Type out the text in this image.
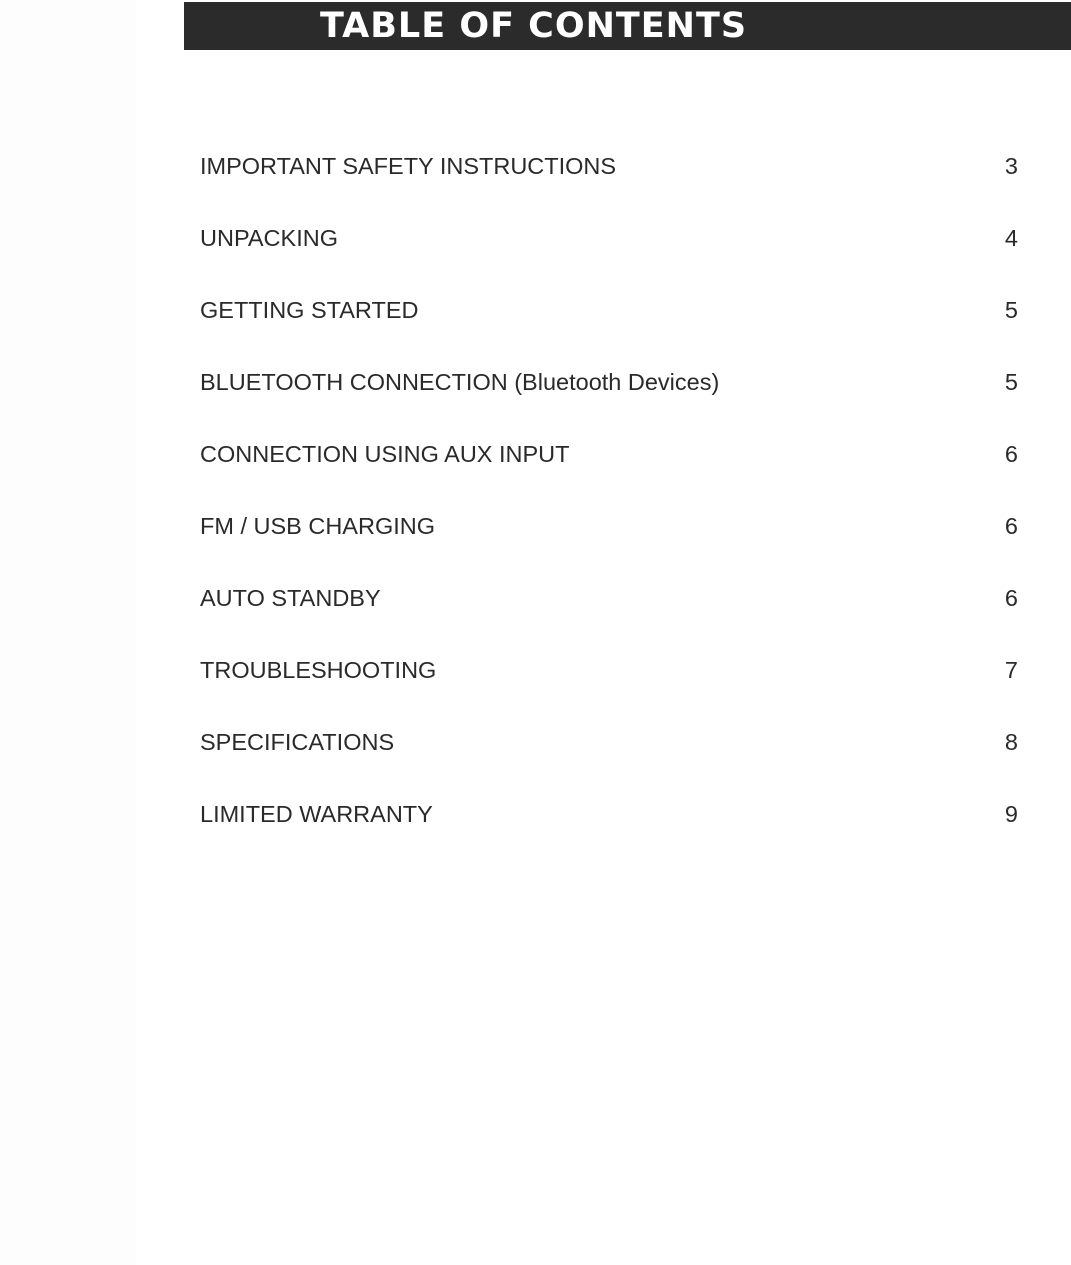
TABLE OF CONTENTS
IMPORTANT SAFETY INSTRUCTIONS	3
UNPACKING	4
GETTING STARTED	5
BLUETOOTH CONNECTION (Bluetooth Devices)	5
CONNECTION USING AUX INPUT	6
FM / USB CHARGING	6
AUTO STANDBY	6
TROUBLESHOOTING	7
SPECIFICATIONS	8
LIMITED WARRANTY	9
